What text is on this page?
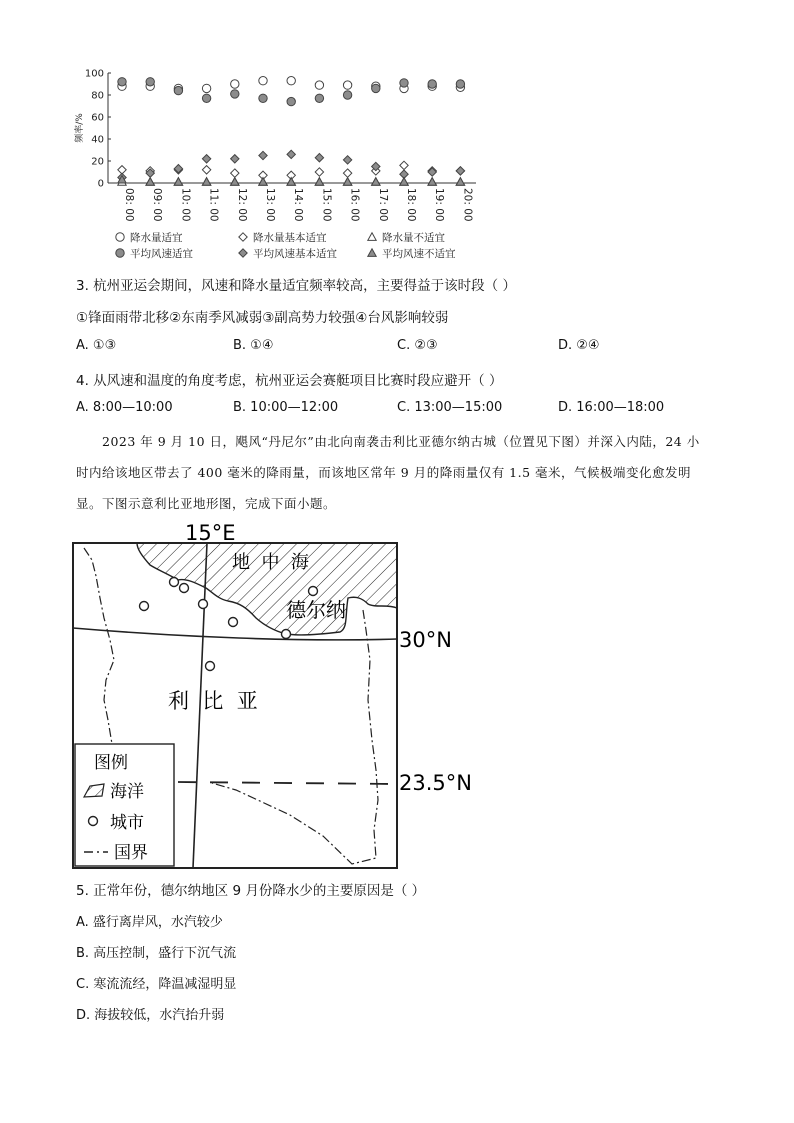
0
20
40
60
80
100
频率/%
08: 00 09: 00 10: 00 11: 00 12: 00 13: 00 14: 00 15: 00 16: 00 17: 00 18: 00 19: 00 20: 00
降水量适宜	降水量基本适宜	降水量不适宜
平均风速适宜	平均风速基本适宜	平均风速不适宜
3. 杭州亚运会期间，风速和降水量适宜频率较高，主要得益于该时段（ ）
①锋面雨带北移②东南季风减弱③副高势力较强④台风影响较弱
A. ①③	B. ①④	C. ②③	D. ②④
4. 从风速和温度的角度考虑，杭州亚运会赛艇项目比赛时段应避开（ ）
A. 8:00—10:00	B. 10:00—12:00	C. 13:00—15:00	D. 16:00—18:00
2023 年 9 月 10 日，飓风“丹尼尔”由北向南袭击利比亚德尔纳古城（位置见下图）并深入内陆，24 小
时内给该地区带去了 400 毫米的降雨量，而该地区常年 9 月的降雨量仅有 1.5 毫米，气候极端变化愈发明
显。下图示意利比亚地形图，完成下面小题。
15°E
地  中  海
德尔纳
30°N
利  比  亚
23.5°N
图例
海洋
城市
国界
5. 正常年份，德尔纳地区 9 月份降水少的主要原因是（ ）
A. 盛行离岸风，水汽较少
B. 高压控制，盛行下沉气流
C. 寒流流经，降温减湿明显
D. 海拔较低，水汽抬升弱
